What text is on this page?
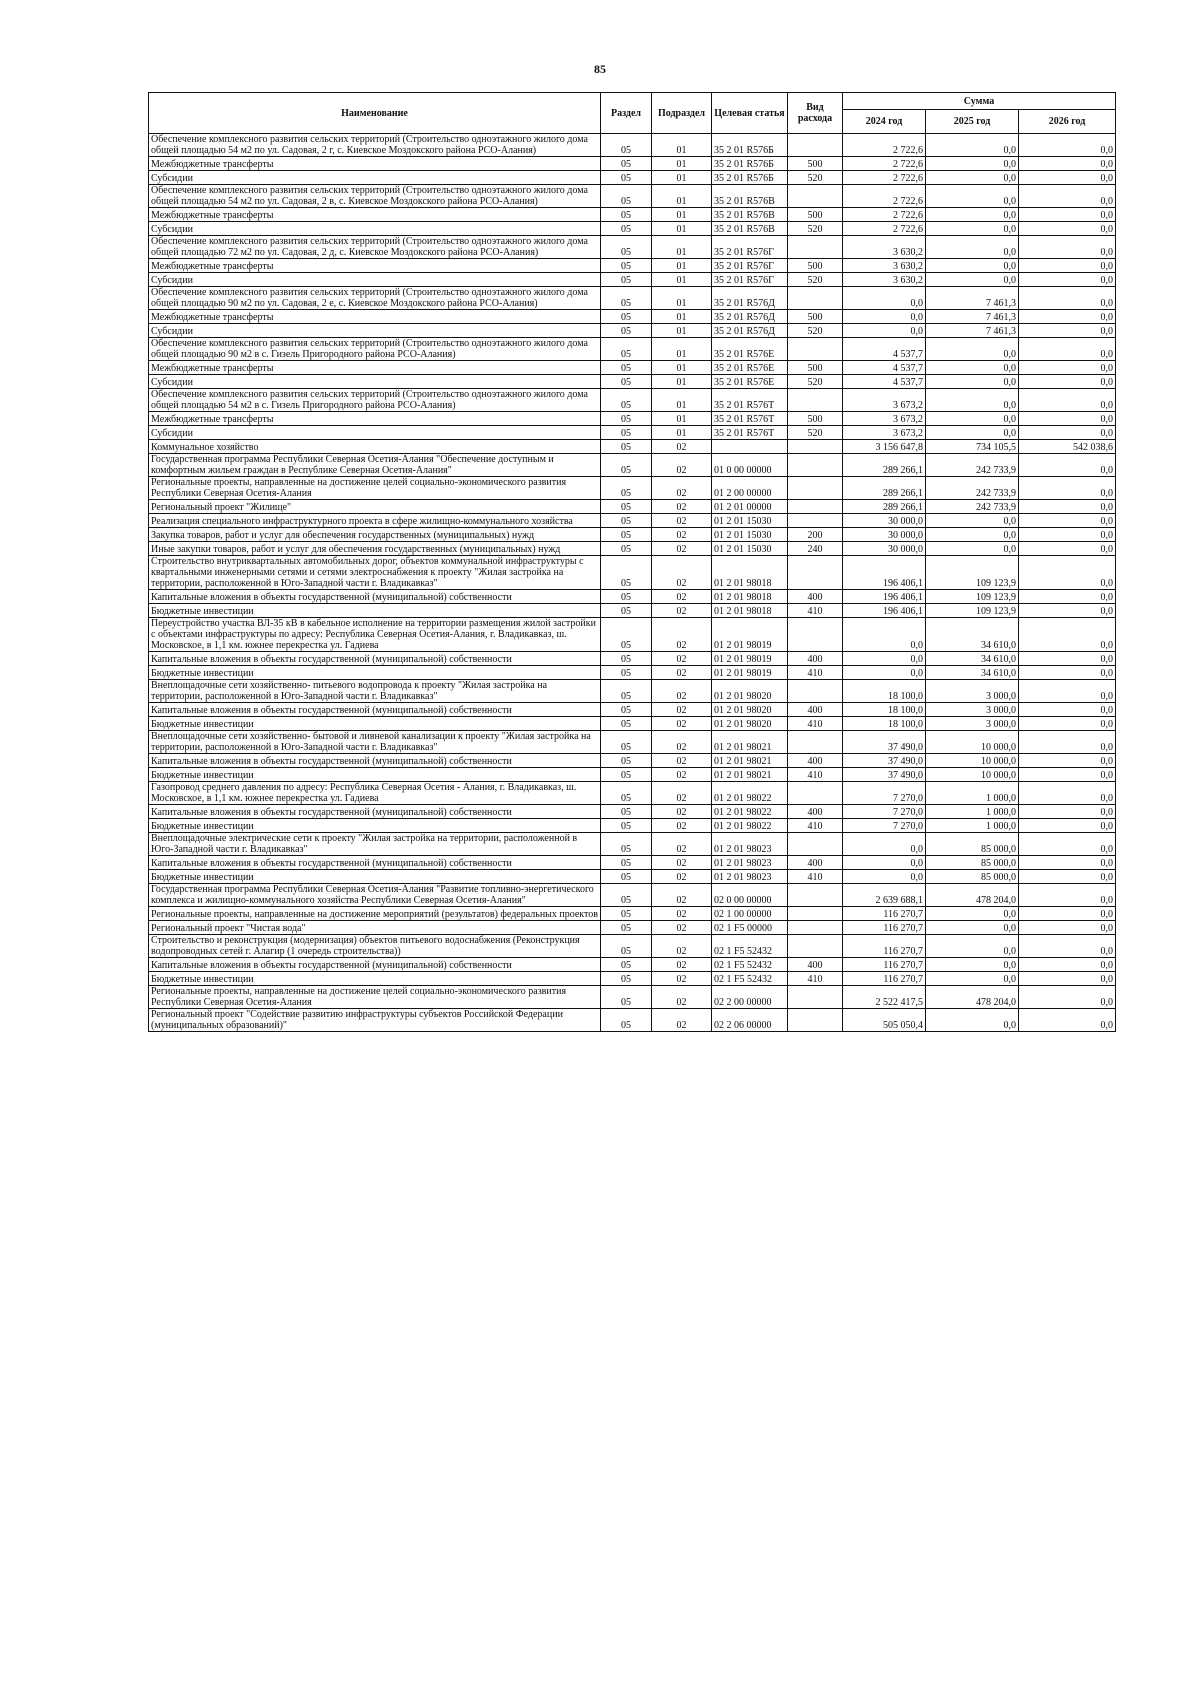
85
Наименование	Раздел	Подраздел	Целевая статья	Вид расхода	Сумма		
					2024 год	2025 год	2026 год
Обеспечение комплексного развития сельских территорий (Строительство одноэтажного жилого дома общей площадью 54 м2 по ул. Садовая, 2 г, с. Киевское Моздокского района РСО-Алания)	05	01	35 2 01 R576Б		2 722,6	0,0	0,0
Межбюджетные трансферты	05	01	35 2 01 R576Б	500	2 722,6	0,0	0,0
Субсидии	05	01	35 2 01 R576Б	520	2 722,6	0,0	0,0
Обеспечение комплексного развития сельских территорий (Строительство одноэтажного жилого дома общей площадью 54 м2 по ул. Садовая, 2 в, с. Киевское Моздокского района РСО-Алания)	05	01	35 2 01 R576В		2 722,6	0,0	0,0
Межбюджетные трансферты	05	01	35 2 01 R576В	500	2 722,6	0,0	0,0
Субсидии	05	01	35 2 01 R576В	520	2 722,6	0,0	0,0
Обеспечение комплексного развития сельских территорий (Строительство одноэтажного жилого дома общей площадью 72 м2 по ул. Садовая, 2 д, с. Киевское Моздокского района РСО-Алания)	05	01	35 2 01 R576Г		3 630,2	0,0	0,0
Межбюджетные трансферты	05	01	35 2 01 R576Г	500	3 630,2	0,0	0,0
Субсидии	05	01	35 2 01 R576Г	520	3 630,2	0,0	0,0
Обеспечение комплексного развития сельских территорий (Строительство одноэтажного жилого дома общей площадью 90 м2 по ул. Садовая, 2 е, с. Киевское Моздокского района РСО-Алания)	05	01	35 2 01 R576Д		0,0	7 461,3	0,0
Межбюджетные трансферты	05	01	35 2 01 R576Д	500	0,0	7 461,3	0,0
Субсидии	05	01	35 2 01 R576Д	520	0,0	7 461,3	0,0
Обеспечение комплексного развития сельских территорий (Строительство одноэтажного жилого дома общей площадью 90 м2 в с. Гизель Пригородного района РСО-Алания)	05	01	35 2 01 R576Е		4 537,7	0,0	0,0
Межбюджетные трансферты	05	01	35 2 01 R576Е	500	4 537,7	0,0	0,0
Субсидии	05	01	35 2 01 R576Е	520	4 537,7	0,0	0,0
Обеспечение комплексного развития сельских территорий (Строительство одноэтажного жилого дома общей площадью 54 м2 в с. Гизель Пригородного района РСО-Алания)	05	01	35 2 01 R576Т		3 673,2	0,0	0,0
Межбюджетные трансферты	05	01	35 2 01 R576Т	500	3 673,2	0,0	0,0
Субсидии	05	01	35 2 01 R576Т	520	3 673,2	0,0	0,0
Коммунальное хозяйство	05	02			3 156 647,8	734 105,5	542 038,6
Государственная программа Республики Северная Осетия-Алания "Обеспечение доступным и комфортным жильем граждан в Республике Северная Осетия-Алания"	05	02	01 0 00 00000		289 266,1	242 733,9	0,0
Региональные проекты, направленные на достижение целей социально-экономического развития Республики Северная Осетия-Алания	05	02	01 2 00 00000		289 266,1	242 733,9	0,0
Региональный проект "Жилище"	05	02	01 2 01 00000		289 266,1	242 733,9	0,0
Реализация специального инфраструктурного проекта в сфере жилищно-коммунального хозяйства	05	02	01 2 01 15030		30 000,0	0,0	0,0
Закупка товаров, работ и услуг для обеспечения государственных (муниципальных) нужд	05	02	01 2 01 15030	200	30 000,0	0,0	0,0
Иные закупки товаров, работ и услуг для обеспечения государственных (муниципальных) нужд	05	02	01 2 01 15030	240	30 000,0	0,0	0,0
Строительство внутриквартальных автомобильных дорог, объектов коммунальной инфраструктуры с квартальными инженерными сетями и сетями электроснабжения к проекту "Жилая застройка на территории, расположенной в Юго-Западной части г. Владикавказ"	05	02	01 2 01 98018		196 406,1	109 123,9	0,0
Капитальные вложения в объекты государственной (муниципальной) собственности	05	02	01 2 01 98018	400	196 406,1	109 123,9	0,0
Бюджетные инвестиции	05	02	01 2 01 98018	410	196 406,1	109 123,9	0,0
Переустройство участка ВЛ-35 кВ в кабельное исполнение на территории размещения жилой застройки с объектами инфраструктуры по адресу: Республика Северная Осетия-Алания, г. Владикавказ, ш. Московское, в 1,1 км. южнее перекрестка ул. Гадиева	05	02	01 2 01 98019		0,0	34 610,0	0,0
Капитальные вложения в объекты государственной (муниципальной) собственности	05	02	01 2 01 98019	400	0,0	34 610,0	0,0
Бюджетные инвестиции	05	02	01 2 01 98019	410	0,0	34 610,0	0,0
Внеплощадочные сети хозяйственно- питьевого водопровода к проекту "Жилая застройка на территории, расположенной в Юго-Западной части г. Владикавказ"	05	02	01 2 01 98020		18 100,0	3 000,0	0,0
Капитальные вложения в объекты государственной (муниципальной) собственности	05	02	01 2 01 98020	400	18 100,0	3 000,0	0,0
Бюджетные инвестиции	05	02	01 2 01 98020	410	18 100,0	3 000,0	0,0
Внеплощадочные сети хозяйственно- бытовой и ливневой канализации к проекту "Жилая застройка на территории, расположенной в Юго-Западной части г. Владикавказ"	05	02	01 2 01 98021		37 490,0	10 000,0	0,0
Капитальные вложения в объекты государственной (муниципальной) собственности	05	02	01 2 01 98021	400	37 490,0	10 000,0	0,0
Бюджетные инвестиции	05	02	01 2 01 98021	410	37 490,0	10 000,0	0,0
Газопровод среднего давления по адресу: Республика Северная Осетия - Алания, г. Владикавказ, ш. Московское, в 1,1 км. южнее перекрестка ул. Гадиева	05	02	01 2 01 98022		7 270,0	1 000,0	0,0
Капитальные вложения в объекты государственной (муниципальной) собственности	05	02	01 2 01 98022	400	7 270,0	1 000,0	0,0
Бюджетные инвестиции	05	02	01 2 01 98022	410	7 270,0	1 000,0	0,0
Внеплощадочные электрические сети к проекту "Жилая застройка на территории, расположенной в Юго-Западной части г. Владикавказ"	05	02	01 2 01 98023		0,0	85 000,0	0,0
Капитальные вложения в объекты государственной (муниципальной) собственности	05	02	01 2 01 98023	400	0,0	85 000,0	0,0
Бюджетные инвестиции	05	02	01 2 01 98023	410	0,0	85 000,0	0,0
Государственная программа Республики Северная Осетия-Алания "Развитие топливно-энергетического комплекса и жилищно-коммунального хозяйства Республики Северная Осетия-Алания"	05	02	02 0 00 00000		2 639 688,1	478 204,0	0,0
Региональные проекты, направленные на достижение мероприятий (результатов) федеральных проектов	05	02	02 1 00 00000		116 270,7	0,0	0,0
Региональный проект "Чистая вода"	05	02	02 1 F5 00000		116 270,7	0,0	0,0
Строительство и реконструкция (модернизация) объектов питьевого водоснабжения (Реконструкция водопроводных сетей г. Алагир (1 очередь строительства))	05	02	02 1 F5 52432		116 270,7	0,0	0,0
Капитальные вложения в объекты государственной (муниципальной) собственности	05	02	02 1 F5 52432	400	116 270,7	0,0	0,0
Бюджетные инвестиции	05	02	02 1 F5 52432	410	116 270,7	0,0	0,0
Региональные проекты, направленные на достижение целей социально-экономического развития Республики Северная Осетия-Алания	05	02	02 2 00 00000		2 522 417,5	478 204,0	0,0
Региональный проект "Содействие развитию инфраструктуры субъектов Российской Федерации (муниципальных образований)"	05	02	02 2 06 00000		505 050,4	0,0	0,0
